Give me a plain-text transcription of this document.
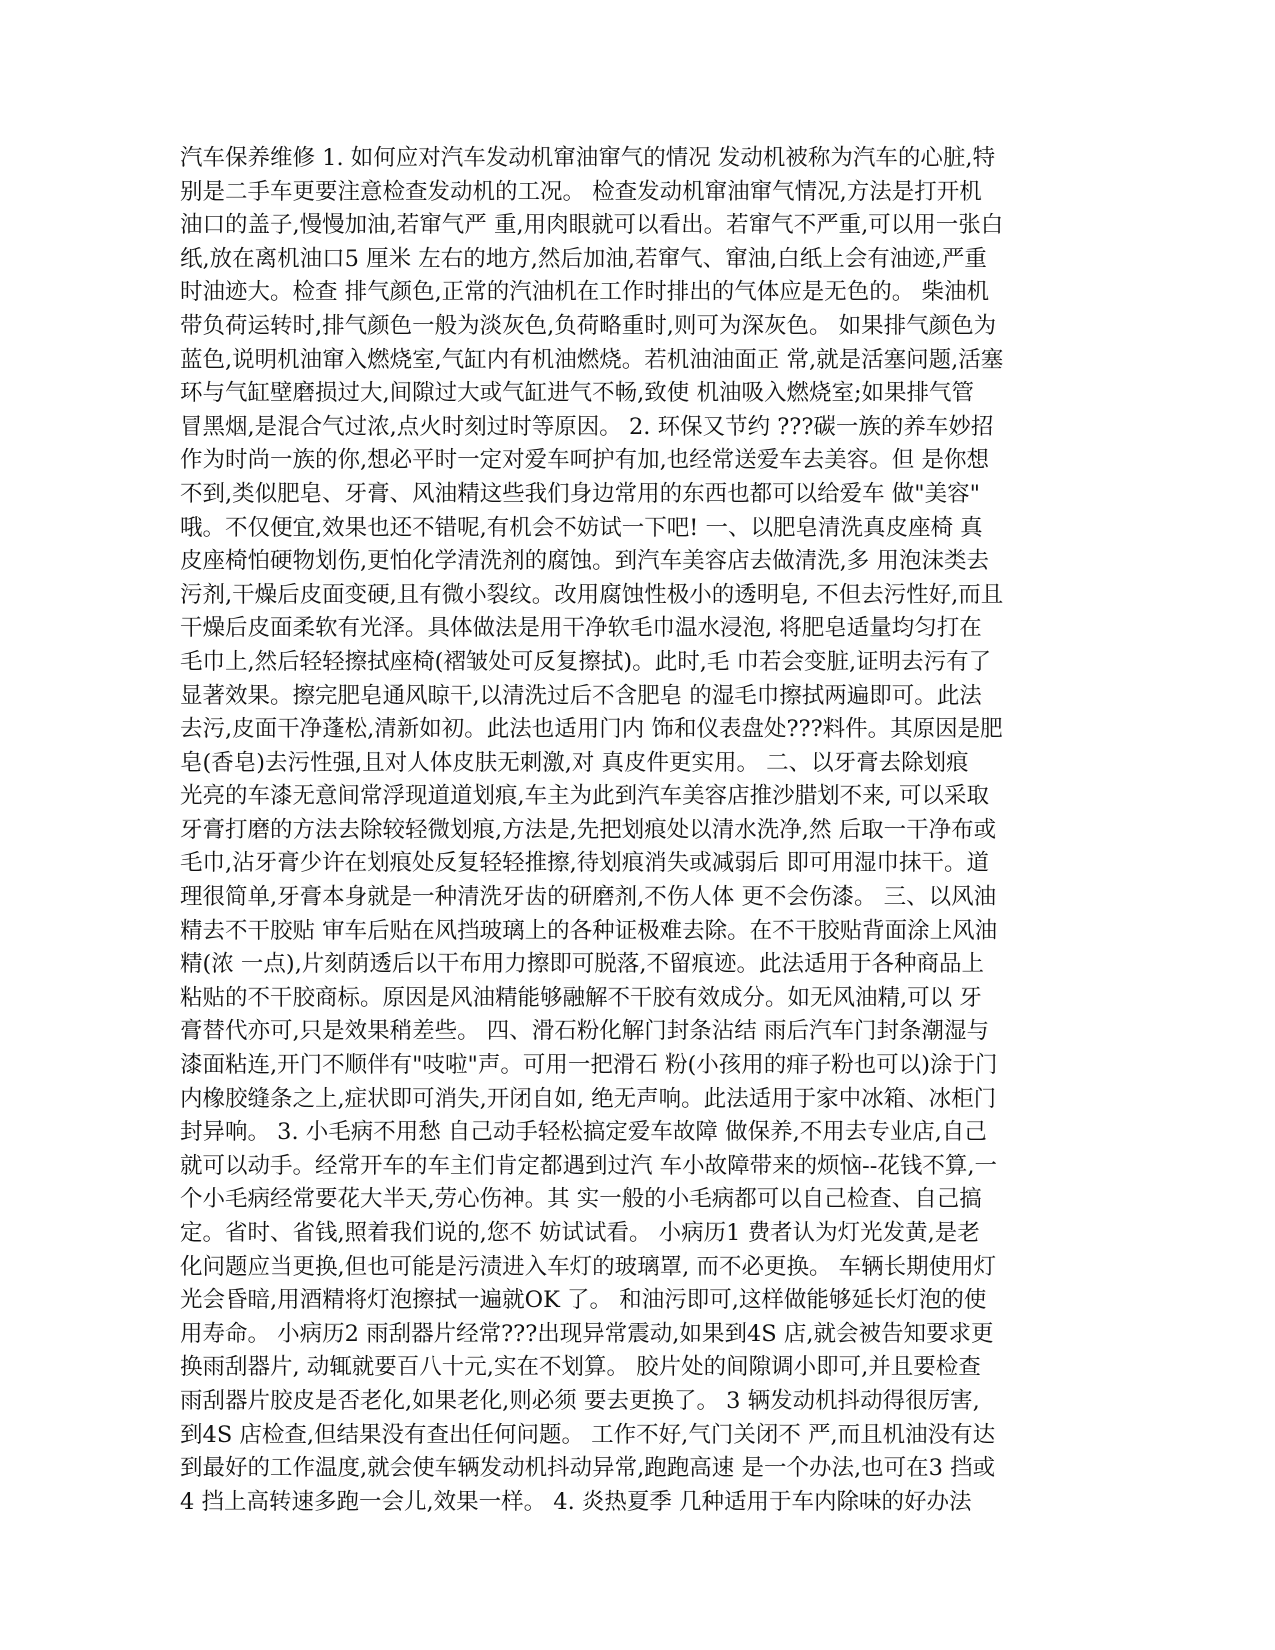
汽车保养维修 1. 如何应对汽车发动机窜油窜气的情况 发动机被称为汽车的心脏,特
别是二手车更要注意检查发动机的工况。 检查发动机窜油窜气情况,方法是打开机
油口的盖子,慢慢加油,若窜气严 重,用肉眼就可以看出。若窜气不严重,可以用一张白
纸,放在离机油口5 厘米 左右的地方,然后加油,若窜气、窜油,白纸上会有油迹,严重
时油迹大。检查 排气颜色,正常的汽油机在工作时排出的气体应是无色的。 柴油机
带负荷运转时,排气颜色一般为淡灰色,负荷略重时,则可为深灰色。 如果排气颜色为
蓝色,说明机油窜入燃烧室,气缸内有机油燃烧。若机油油面正 常,就是活塞问题,活塞
环与气缸壁磨损过大,间隙过大或气缸进气不畅,致使 机油吸入燃烧室;如果排气管
冒黑烟,是混合气过浓,点火时刻过时等原因。 2. 环保又节约 ???碳一族的养车妙招
作为时尚一族的你,想必平时一定对爱车呵护有加,也经常送爱车去美容。但 是你想
不到,类似肥皂、牙膏、风油精这些我们身边常用的东西也都可以给爱车 做"美容"
哦。不仅便宜,效果也还不错呢,有机会不妨试一下吧! 一、以肥皂清洗真皮座椅 真
皮座椅怕硬物划伤,更怕化学清洗剂的腐蚀。到汽车美容店去做清洗,多 用泡沫类去
污剂,干燥后皮面变硬,且有微小裂纹。改用腐蚀性极小的透明皂, 不但去污性好,而且
干燥后皮面柔软有光泽。具体做法是用干净软毛巾温水浸泡, 将肥皂适量均匀打在
毛巾上,然后轻轻擦拭座椅(褶皱处可反复擦拭)。此时,毛 巾若会变脏,证明去污有了
显著效果。擦完肥皂通风晾干,以清洗过后不含肥皂 的湿毛巾擦拭两遍即可。此法
去污,皮面干净蓬松,清新如初。此法也适用门内 饰和仪表盘处???料件。其原因是肥
皂(香皂)去污性强,且对人体皮肤无刺激,对 真皮件更实用。 二、以牙膏去除划痕
光亮的车漆无意间常浮现道道划痕,车主为此到汽车美容店推沙腊划不来, 可以采取
牙膏打磨的方法去除较轻微划痕,方法是,先把划痕处以清水洗净,然 后取一干净布或
毛巾,沾牙膏少许在划痕处反复轻轻推擦,待划痕消失或减弱后 即可用湿巾抹干。道
理很简单,牙膏本身就是一种清洗牙齿的研磨剂,不伤人体 更不会伤漆。 三、以风油
精去不干胶贴 审车后贴在风挡玻璃上的各种证极难去除。在不干胶贴背面涂上风油
精(浓 一点),片刻荫透后以干布用力擦即可脱落,不留痕迹。此法适用于各种商品上
粘贴的不干胶商标。原因是风油精能够融解不干胶有效成分。如无风油精,可以 牙
膏替代亦可,只是效果稍差些。 四、滑石粉化解门封条沾结 雨后汽车门封条潮湿与
漆面粘连,开门不顺伴有"吱啦"声。可用一把滑石 粉(小孩用的痱子粉也可以)涂于门
内橡胶缝条之上,症状即可消失,开闭自如, 绝无声响。此法适用于家中冰箱、冰柜门
封异响。 3. 小毛病不用愁 自己动手轻松搞定爱车故障 做保养,不用去专业店,自己
就可以动手。经常开车的车主们肯定都遇到过汽 车小故障带来的烦恼--花钱不算,一
个小毛病经常要花大半天,劳心伤神。其 实一般的小毛病都可以自己检查、自己搞
定。省时、省钱,照着我们说的,您不 妨试试看。 小病历1 费者认为灯光发黄,是老
化问题应当更换,但也可能是污渍进入车灯的玻璃罩, 而不必更换。 车辆长期使用灯
光会昏暗,用酒精将灯泡擦拭一遍就OK 了。 和油污即可,这样做能够延长灯泡的使
用寿命。 小病历2 雨刮器片经常???出现异常震动,如果到4S 店,就会被告知要求更
换雨刮器片, 动辄就要百八十元,实在不划算。 胶片处的间隙调小即可,并且要检查
雨刮器片胶皮是否老化,如果老化,则必须 要去更换了。 3 辆发动机抖动得很厉害,
到4S 店检查,但结果没有查出任何问题。 工作不好,气门关闭不 严,而且机油没有达
到最好的工作温度,就会使车辆发动机抖动异常,跑跑高速 是一个办法,也可在3 挡或
4 挡上高转速多跑一会儿,效果一样。 4. 炎热夏季 几种适用于车内除味的好办法
